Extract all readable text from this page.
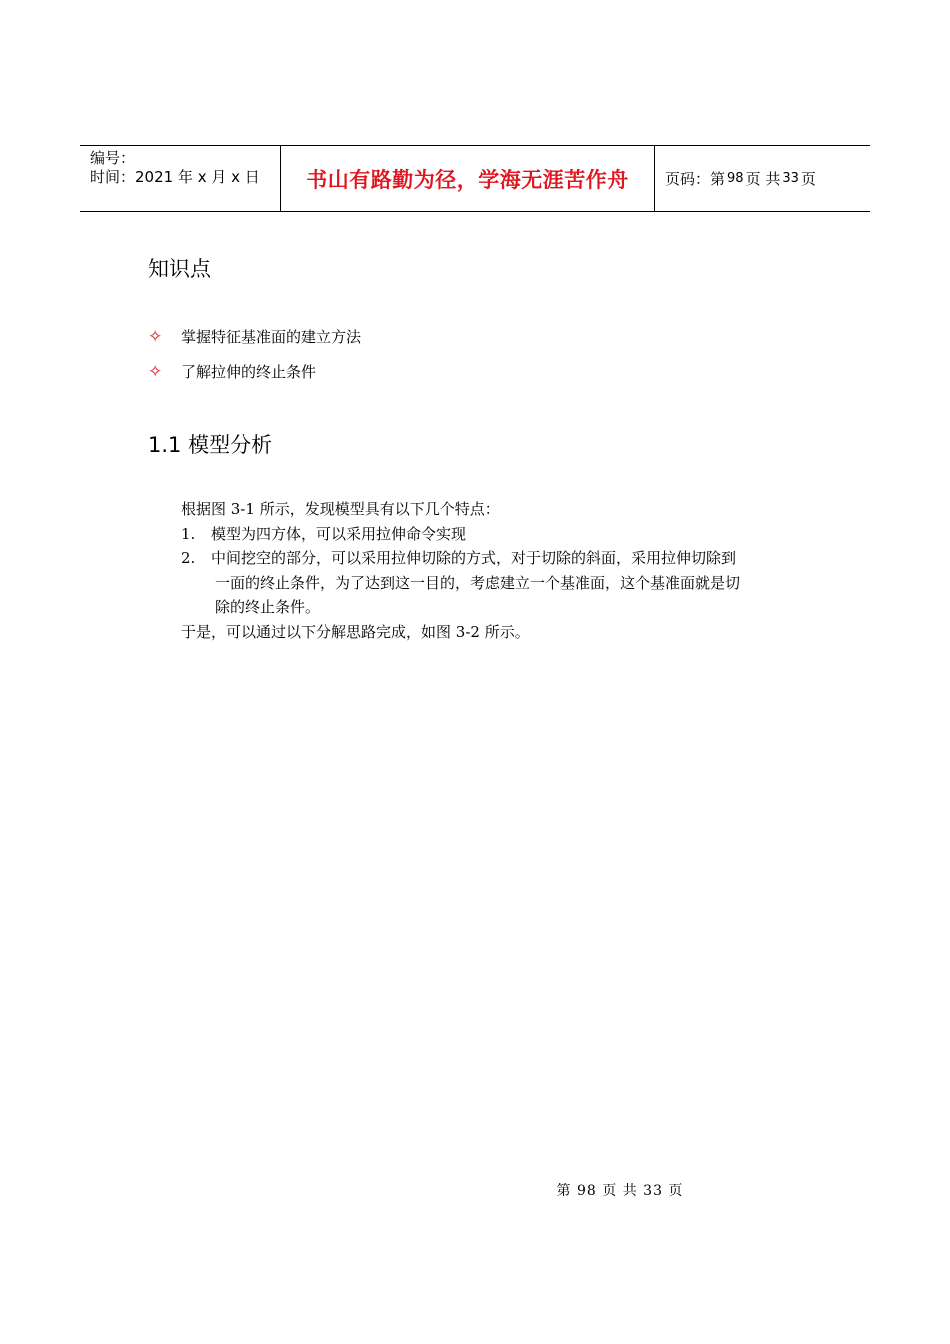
编号：
时间：2021 年 x 月 x 日	书山有路勤为径，学海无涯苦作舟 页码：第 98 页 共 33 页
知识点
✧	掌握特征基准面的建立方法
✧	了解拉伸的终止条件
1.1 模型分析

根据图 3-1 所示，发现模型具有以下几个特点：

1.	模型为四方体，可以采用拉伸命令实现
2.	中间挖空的部分，可以采用拉伸切除的方式，对于切除的斜面，采用拉伸切除到
一面的终止条件，为了达到这一目的，考虑建立一个基准面，这个基准面就是切
除的终止条件。

于是，可以通过以下分解思路完成，如图 3-2 所示。

第 98 页 共 33 页
